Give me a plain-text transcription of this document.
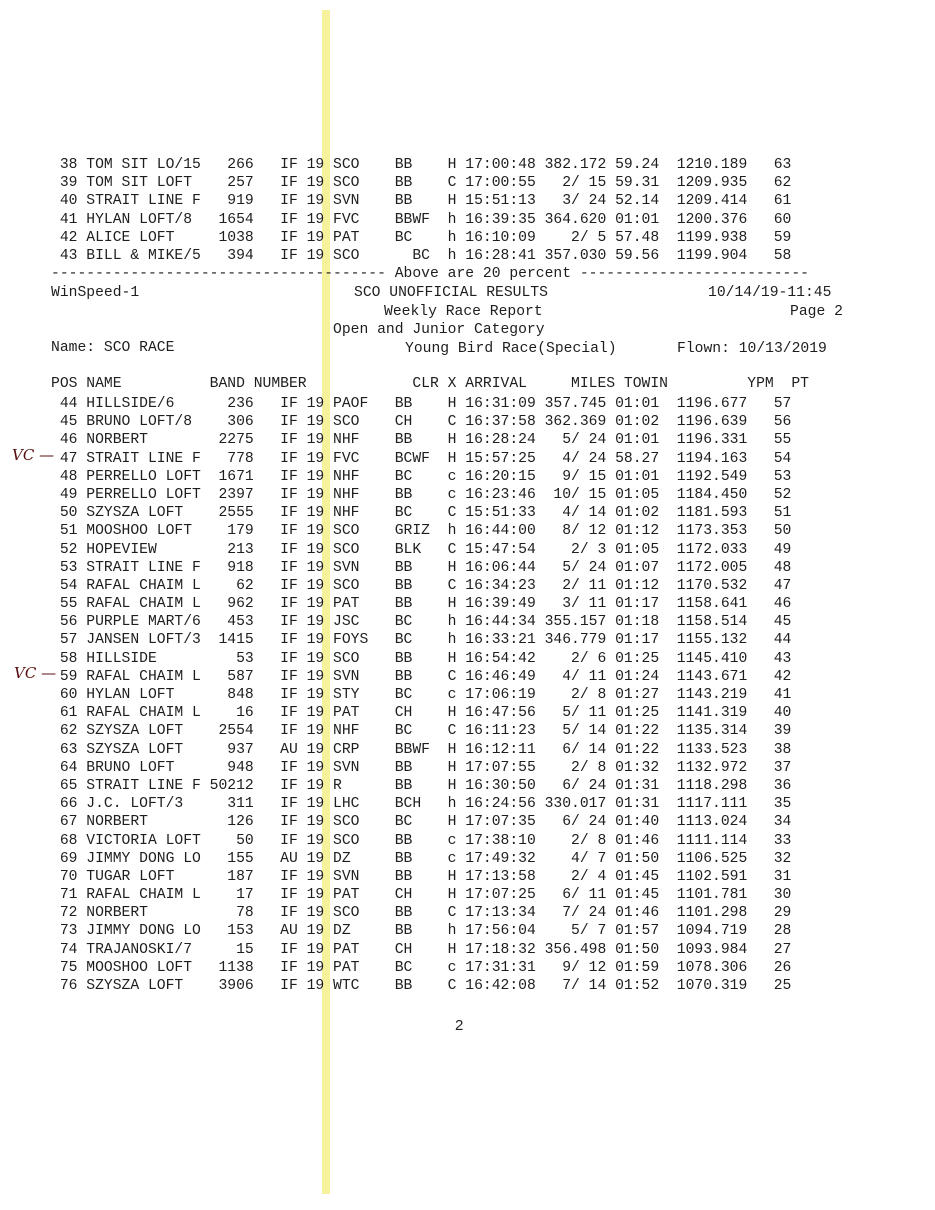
38 TOM SIT LO/15   266   IF 19 SCO    BB    H 17:00:48 382.172 59.24  1210.189   63
39 TOM SIT LOFT    257   IF 19 SCO    BB    C 17:00:55   2/ 15 59.31  1209.935   62
40 STRAIT LINE F   919   IF 19 SVN    BB    H 15:51:13   3/ 24 52.14  1209.414   61
41 HYLAN LOFT/8   1654   IF 19 FVC    BBWF  h 16:39:35 364.620 01:01  1200.376   60
42 ALICE LOFT     1038   IF 19 PAT    BC    h 16:10:09    2/ 5 57.48  1199.938   59
43 BILL & MIKE/5   394   IF 19 SCO      BC  h 16:28:41 357.030 59.56  1199.904   58
-------------------------------------- Above are 20 percent --------------------------
WinSpeed-1	SCO UNOFFICIAL RESULTS	10/14/19-11:45
Weekly Race Report	Page 2
Open and Junior Category
Name: SCO RACE	Young Bird Race(Special)	Flown: 10/13/2019
POS NAME          BAND NUMBER            CLR X ARRIVAL     MILES TOWIN         YPM  PT
44 HILLSIDE/6      236   IF 19 PAOF   BB    H 16:31:09 357.745 01:01  1196.677   57
45 BRUNO LOFT/8    306   IF 19 SCO    CH    C 16:37:58 362.369 01:02  1196.639   56
46 NORBERT        2275   IF 19 NHF    BB    H 16:28:24   5/ 24 01:01  1196.331   55
47 STRAIT LINE F   778   IF 19 FVC    BCWF  H 15:57:25   4/ 24 58.27  1194.163   54
48 PERRELLO LOFT  1671   IF 19 NHF    BC    c 16:20:15   9/ 15 01:01  1192.549   53
49 PERRELLO LOFT  2397   IF 19 NHF    BB    c 16:23:46  10/ 15 01:05  1184.450   52
50 SZYSZA LOFT    2555   IF 19 NHF    BC    C 15:51:33   4/ 14 01:02  1181.593   51
51 MOOSHOO LOFT    179   IF 19 SCO    GRIZ  h 16:44:00   8/ 12 01:12  1173.353   50
52 HOPEVIEW        213   IF 19 SCO    BLK   C 15:47:54    2/ 3 01:05  1172.033   49
53 STRAIT LINE F   918   IF 19 SVN    BB    H 16:06:44   5/ 24 01:07  1172.005   48
54 RAFAL CHAIM L    62   IF 19 SCO    BB    C 16:34:23   2/ 11 01:12  1170.532   47
55 RAFAL CHAIM L   962   IF 19 PAT    BB    H 16:39:49   3/ 11 01:17  1158.641   46
56 PURPLE MART/6   453   IF 19 JSC    BC    h 16:44:34 355.157 01:18  1158.514   45
57 JANSEN LOFT/3  1415   IF 19 FOYS   BC    h 16:33:21 346.779 01:17  1155.132   44
58 HILLSIDE         53   IF 19 SCO    BB    H 16:54:42    2/ 6 01:25  1145.410   43
59 RAFAL CHAIM L   587   IF 19 SVN    BB    C 16:46:49   4/ 11 01:24  1143.671   42
60 HYLAN LOFT      848   IF 19 STY    BC    c 17:06:19    2/ 8 01:27  1143.219   41
61 RAFAL CHAIM L    16   IF 19 PAT    CH    H 16:47:56   5/ 11 01:25  1141.319   40
62 SZYSZA LOFT    2554   IF 19 NHF    BC    C 16:11:23   5/ 14 01:22  1135.314   39
63 SZYSZA LOFT     937   AU 19 CRP    BBWF  H 16:12:11   6/ 14 01:22  1133.523   38
64 BRUNO LOFT      948   IF 19 SVN    BB    H 17:07:55    2/ 8 01:32  1132.972   37
65 STRAIT LINE F 50212   IF 19 R      BB    H 16:30:50   6/ 24 01:31  1118.298   36
66 J.C. LOFT/3     311   IF 19 LHC    BCH   h 16:24:56 330.017 01:31  1117.111   35
67 NORBERT         126   IF 19 SCO    BC    H 17:07:35   6/ 24 01:40  1113.024   34
68 VICTORIA LOFT    50   IF 19 SCO    BB    c 17:38:10    2/ 8 01:46  1111.114   33
69 JIMMY DONG LO   155   AU 19 DZ     BB    c 17:49:32    4/ 7 01:50  1106.525   32
70 TUGAR LOFT      187   IF 19 SVN    BB    H 17:13:58    2/ 4 01:45  1102.591   31
71 RAFAL CHAIM L    17   IF 19 PAT    CH    H 17:07:25   6/ 11 01:45  1101.781   30
72 NORBERT          78   IF 19 SCO    BB    C 17:13:34   7/ 24 01:46  1101.298   29
73 JIMMY DONG LO   153   AU 19 DZ     BB    h 17:56:04    5/ 7 01:57  1094.719   28
74 TRAJANOSKI/7     15   IF 19 PAT    CH    H 17:18:32 356.498 01:50  1093.984   27
75 MOOSHOO LOFT   1138   IF 19 PAT    BC    c 17:31:31   9/ 12 01:59  1078.306   26
76 SZYSZA LOFT    3906   IF 19 WTC    BB    C 16:42:08   7/ 14 01:52  1070.319   25
VC —
VC —
2
